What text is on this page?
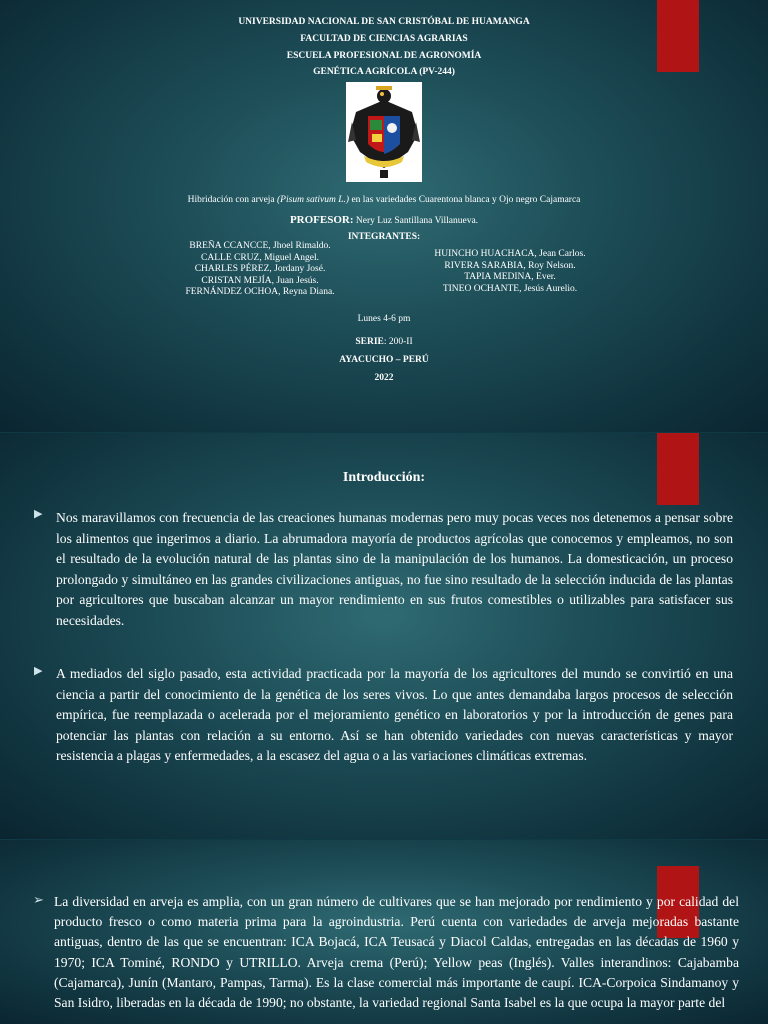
UNIVERSIDAD NACIONAL DE SAN CRISTÓBAL DE HUAMANGA
FACULTAD DE CIENCIAS AGRARIAS
ESCUELA PROFESIONAL DE AGRONOMÍA
GENÉTICA AGRÍCOLA (PV-244)
Hibridación con arveja (Pisum sativum L.) en las variedades Cuarentona blanca y Ojo negro Cajamarca
PROFESOR: Nery Luz Santillana Villanueva.
INTEGRANTES:
BREÑA CCANCCE, Jhoel Rimaldo.
CALLE CRUZ, Miguel Angel.
CHARLES PÉREZ, Jordany José.
CRISTAN MEJÍA, Juan Jesús.
FERNÁNDEZ OCHOA, Reyna Diana.
HUINCHO HUACHACA, Jean Carlos.
RIVERA SARABIA, Roy Nelson.
TAPIA MEDINA, Ever.
TINEO OCHANTE, Jesús Aurelio.
Lunes 4-6 pm
SERIE: 200-II
AYACUCHO – PERÚ
2022
Introducción:
▶ Nos maravillamos con frecuencia de las creaciones humanas modernas pero muy pocas veces nos detenemos a pensar sobre los alimentos que ingerimos a diario. La abrumadora mayoría de productos agrícolas que conocemos y empleamos, no son el resultado de la evolución natural de las plantas sino de la manipulación de los humanos. La domesticación, un proceso prolongado y simultáneo en las grandes civilizaciones antiguas, no fue sino resultado de la selección inducida de las plantas por agricultores que buscaban alcanzar un mayor rendimiento en sus frutos comestibles o utilizables para satisfacer sus necesidades.
▶ A mediados del siglo pasado, esta actividad practicada por la mayoría de los agricultores del mundo se convirtió en una ciencia a partir del conocimiento de la genética de los seres vivos. Lo que antes demandaba largos procesos de selección empírica, fue reemplazada o acelerada por el mejoramiento genético en laboratorios y por la introducción de genes para potenciar las plantas con relación a su entorno. Así se han obtenido variedades con nuevas características y mayor resistencia a plagas y enfermedades, a la escasez del agua o a las variaciones climáticas extremas.
➢ La diversidad en arveja es amplia, con un gran número de cultivares que se han mejorado por rendimiento y por calidad del producto fresco o como materia prima para la agroindustria. Perú cuenta con variedades de arveja mejoradas bastante antiguas, dentro de las que se encuentran: ICA Bojacá, ICA Teusacá y Diacol Caldas, entregadas en las décadas de 1960 y 1970; ICA Tominé, RONDO y UTRILLO. Arveja crema (Perú); Yellow peas (Inglés). Valles interandinos: Cajabamba (Cajamarca), Junín (Mantaro, Pampas, Tarma). Es la clase comercial más importante de caupí. ICA-Corpoica Sindamanoy y San Isidro, liberadas en la década de 1990; no obstante, la variedad regional Santa Isabel es la que ocupa la mayor parte del
